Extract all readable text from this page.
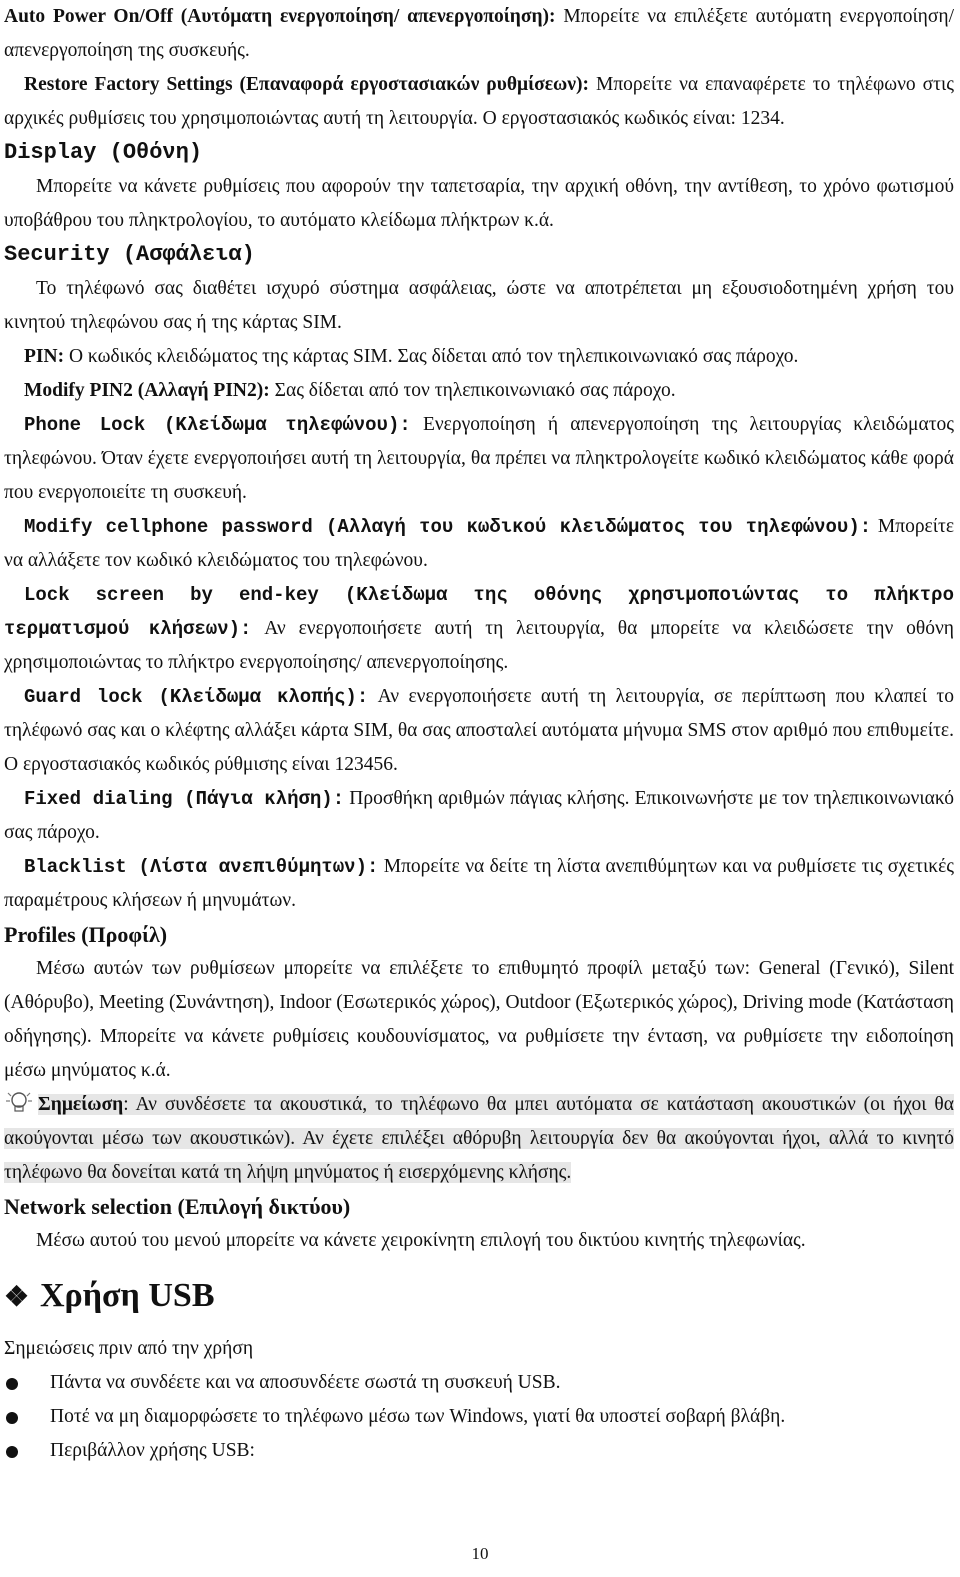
Auto Power On/Off (Αυτόματη ενεργοποίηση/ απενεργοποίηση): Μπορείτε να επιλέξετε αυτόματη ενεργοποίηση/ απενεργοποίηση της συσκευής.

Restore Factory Settings (Επαναφορά εργοστασιακών ρυθμίσεων): Μπορείτε να επαναφέρετε το τηλέφωνο στις αρχικές ρυθμίσεις του χρησιμοποιώντας αυτή τη λειτουργία. Ο εργοστασιακός κωδικός είναι: 1234.

Display (Οθόνη)

Μπορείτε να κάνετε ρυθμίσεις που αφορούν την ταπετσαρία, την αρχική οθόνη, την αντίθεση, το χρόνο φωτισμού υποβάθρου του πληκτρολογίου, το αυτόματο κλείδωμα πλήκτρων κ.ά.

Security (Ασφάλεια)

Το τηλέφωνό σας διαθέτει ισχυρό σύστημα ασφάλειας, ώστε να αποτρέπεται μη εξουσιοδοτημένη χρήση του κινητού τηλεφώνου σας ή της κάρτας SIM.

PIN: Ο κωδικός κλειδώματος της κάρτας SIM. Σας δίδεται από τον τηλεπικοινωνιακό σας πάροχο.

Modify PIN2 (Αλλαγή PIN2): Σας δίδεται από τον τηλεπικοινωνιακό σας πάροχο.

Phone Lock (Κλείδωμα τηλεφώνου): Ενεργοποίηση ή απενεργοποίηση της λειτουργίας κλειδώματος τηλεφώνου. Όταν έχετε ενεργοποιήσει αυτή τη λειτουργία, θα πρέπει να πληκτρολογείτε κωδικό κλειδώματος κάθε φορά που ενεργοποιείτε τη συσκευή.

Modify cellphone password (Αλλαγή του κωδικού κλειδώματος του τηλεφώνου): Μπορείτε να αλλάξετε τον κωδικό κλειδώματος του τηλεφώνου.

Lock screen by end-key (Κλείδωμα της οθόνης χρησιμοποιώντας το πλήκτρο τερματισμού κλήσεων): Αν ενεργοποιήσετε αυτή τη λειτουργία, θα μπορείτε να κλειδώσετε την οθόνη χρησιμοποιώντας το πλήκτρο ενεργοποίησης/ απενεργοποίησης.

Guard lock (Κλείδωμα κλοπής): Αν ενεργοποιήσετε αυτή τη λειτουργία, σε περίπτωση που κλαπεί το τηλέφωνό σας και ο κλέφτης αλλάξει κάρτα SIM, θα σας αποσταλεί αυτόματα μήνυμα SMS στον αριθμό που επιθυμείτε. Ο εργοστασιακός κωδικός ρύθμισης είναι 123456.

Fixed dialing (Πάγια κλήση): Προσθήκη αριθμών πάγιας κλήσης. Επικοινωνήστε με τον τηλεπικοινωνιακό σας πάροχο.

Blacklist (Λίστα ανεπιθύμητων): Μπορείτε να δείτε τη λίστα ανεπιθύμητων και να ρυθμίσετε τις σχετικές παραμέτρους κλήσεων ή μηνυμάτων.

Profiles (Προφίλ)

Μέσω αυτών των ρυθμίσεων μπορείτε να επιλέξετε το επιθυμητό προφίλ μεταξύ των: General (Γενικό), Silent (Αθόρυβο), Meeting (Συνάντηση), Indoor (Εσωτερικός χώρος), Outdoor (Εξωτερικός χώρος), Driving mode (Κατάσταση οδήγησης). Μπορείτε να κάνετε ρυθμίσεις κουδουνίσματος, να ρυθμίσετε την ένταση, να ρυθμίσετε την ειδοποίηση μέσω μηνύματος κ.ά.

Σημείωση: Αν συνδέσετε τα ακουστικά, το τηλέφωνο θα μπει αυτόματα σε κατάσταση ακουστικών (οι ήχοι θα ακούγονται μέσω των ακουστικών). Αν έχετε επιλέξει αθόρυβη λειτουργία δεν θα ακούγονται ήχοι, αλλά το κινητό τηλέφωνο θα δονείται κατά τη λήψη μηνύματος ή εισερχόμενης κλήσης.

Network selection (Επιλογή δικτύου)

Μέσω αυτού του μενού μπορείτε να κάνετε χειροκίνητη επιλογή του δικτύου κινητής τηλεφωνίας.

❖ Χρήση USB

Σημειώσεις πριν από την χρήση

Πάντα να συνδέετε και να αποσυνδέετε σωστά τη συσκευή USB.
Ποτέ να μη διαμορφώσετε το τηλέφωνο μέσω των Windows, γιατί θα υποστεί σοβαρή βλάβη.
Περιβάλλον χρήσης USB:
10
